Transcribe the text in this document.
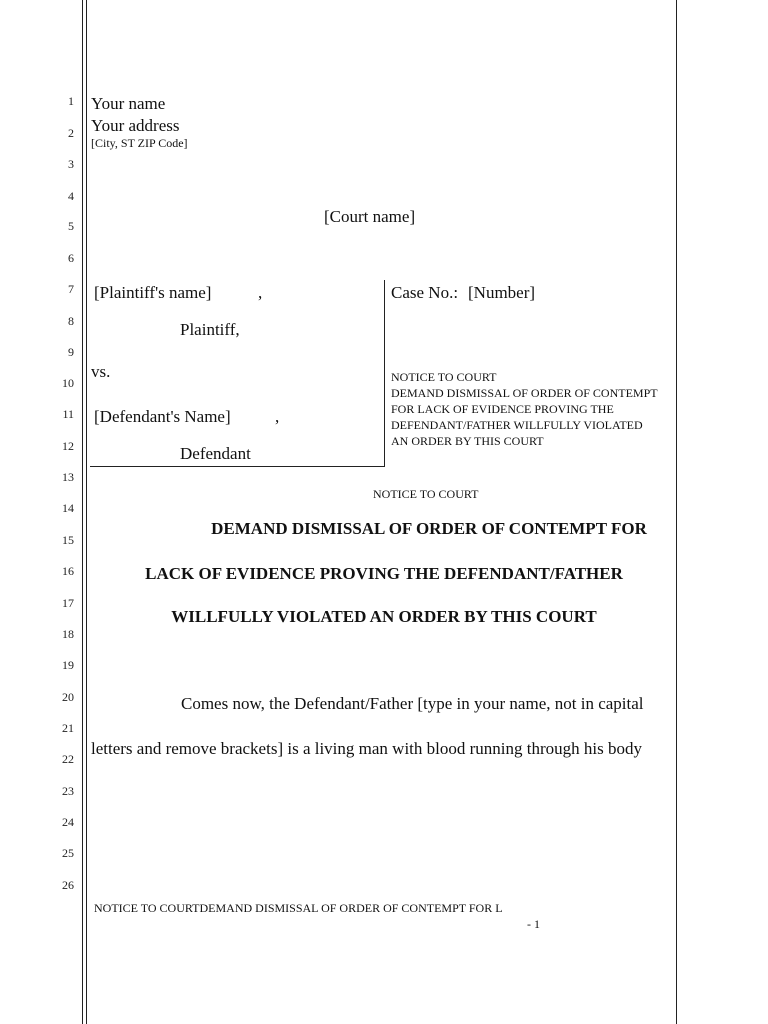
1
2
3
4
5
6
7
8
9
10
11
12
13
14
15
16
17
18
19
20
21
22
23
24
25
26
Your name
Your address
[City, ST ZIP Code]
[Court name]
[Plaintiff's name]	,
Plaintiff,
vs.
[Defendant's Name]	,
Defendant
Case No.: [Number]
NOTICE TO COURT
DEMAND DISMISSAL OF ORDER OF CONTEMPT
FOR LACK OF EVIDENCE PROVING THE
DEFENDANT/FATHER WILLFULLY VIOLATED
AN ORDER BY THIS COURT
NOTICE TO COURT
DEMAND DISMISSAL OF ORDER OF CONTEMPT FOR
LACK OF EVIDENCE PROVING THE DEFENDANT/FATHER
WILLFULLY VIOLATED AN ORDER BY THIS COURT
Comes now, the Defendant/Father [type in your name, not in capital
letters and remove brackets] is a living man with blood running through his body
NOTICE TO COURTDEMAND DISMISSAL OF ORDER OF CONTEMPT FOR L
- 1
